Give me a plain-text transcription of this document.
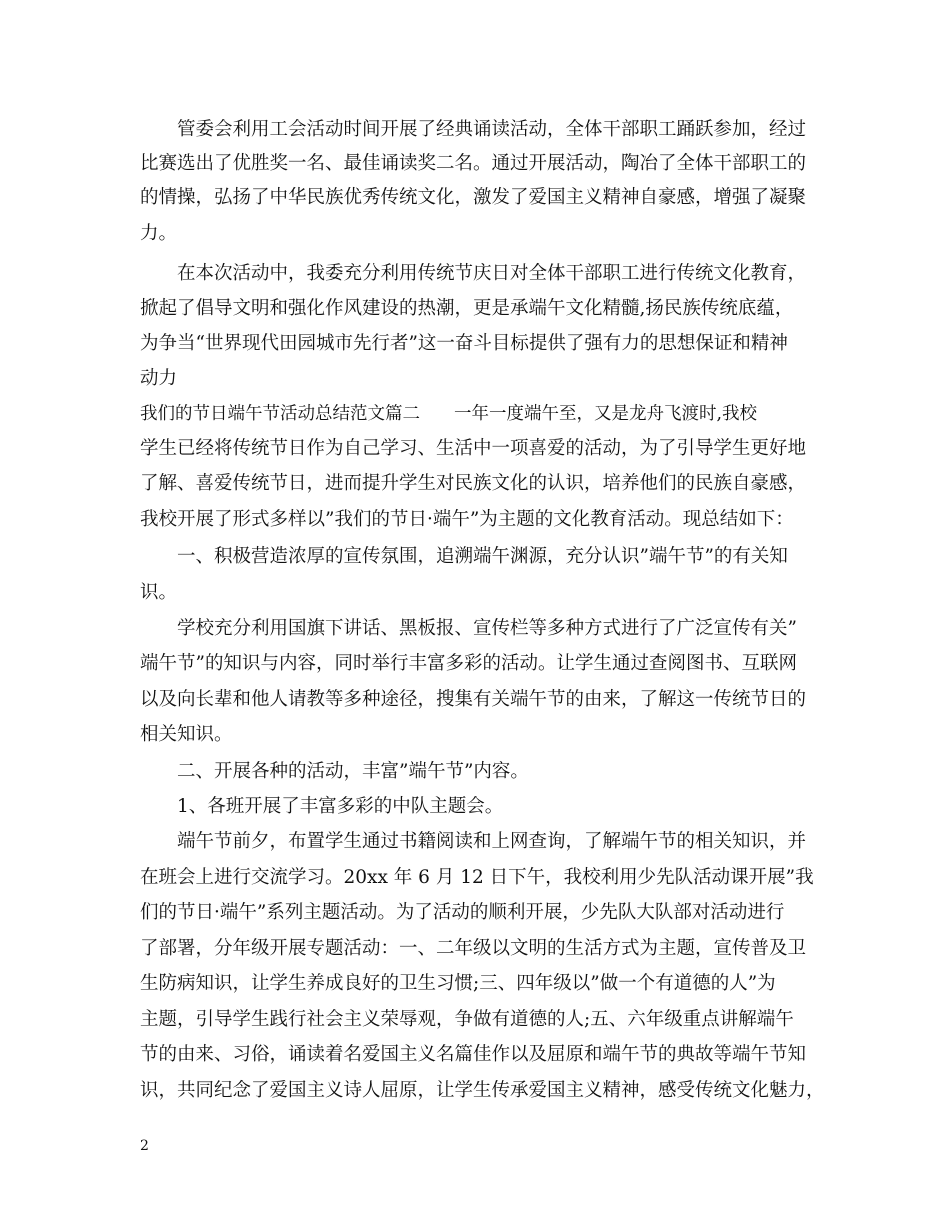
管委会利用工会活动时间开展了经典诵读活动，全体干部职工踊跃参加，经过
比赛选出了优胜奖一名、最佳诵读奖二名。通过开展活动，陶冶了全体干部职工的
的情操，弘扬了中华民族优秀传统文化，激发了爱国主义精神自豪感，增强了凝聚
力。
在本次活动中，我委充分利用传统节庆日对全体干部职工进行传统文化教育，
掀起了倡导文明和强化作风建设的热潮，更是承端午文化精髓,扬民族传统底蕴，
为争当“世界现代田园城市先行者”这一奋斗目标提供了强有力的思想保证和精神
动力
我们的节日端午节活动总结范文篇二 一年一度端午至，又是龙舟飞渡时,我校
学生已经将传统节日作为自己学习、生活中一项喜爱的活动，为了引导学生更好地
了解、喜爱传统节日，进而提升学生对民族文化的认识，培养他们的民族自豪感，
我校开展了形式多样以”我们的节日·端午”为主题的文化教育活动。现总结如下：
一、积极营造浓厚的宣传氛围，追溯端午渊源，充分认识”端午节”的有关知
识。
学校充分利用国旗下讲话、黑板报、宣传栏等多种方式进行了广泛宣传有关”
端午节”的知识与内容，同时举行丰富多彩的活动。让学生通过查阅图书、互联网
以及向长辈和他人请教等多种途径，搜集有关端午节的由来，了解这一传统节日的
相关知识。
二、开展各种的活动，丰富”端午节”内容。
1、各班开展了丰富多彩的中队主题会。
端午节前夕，布置学生通过书籍阅读和上网查询，了解端午节的相关知识，并
在班会上进行交流学习。20xx 年 6 月 12 日下午，我校利用少先队活动课开展”我
们的节日·端午”系列主题活动。为了活动的顺利开展，少先队大队部对活动进行
了部署，分年级开展专题活动：一、二年级以文明的生活方式为主题，宣传普及卫
生防病知识，让学生养成良好的卫生习惯;三、四年级以”做一个有道德的人”为
主题，引导学生践行社会主义荣辱观，争做有道德的人;五、六年级重点讲解端午
节的由来、习俗，诵读着名爱国主义名篇佳作以及屈原和端午节的典故等端午节知
识，共同纪念了爱国主义诗人屈原，让学生传承爱国主义精神，感受传统文化魅力，
2
